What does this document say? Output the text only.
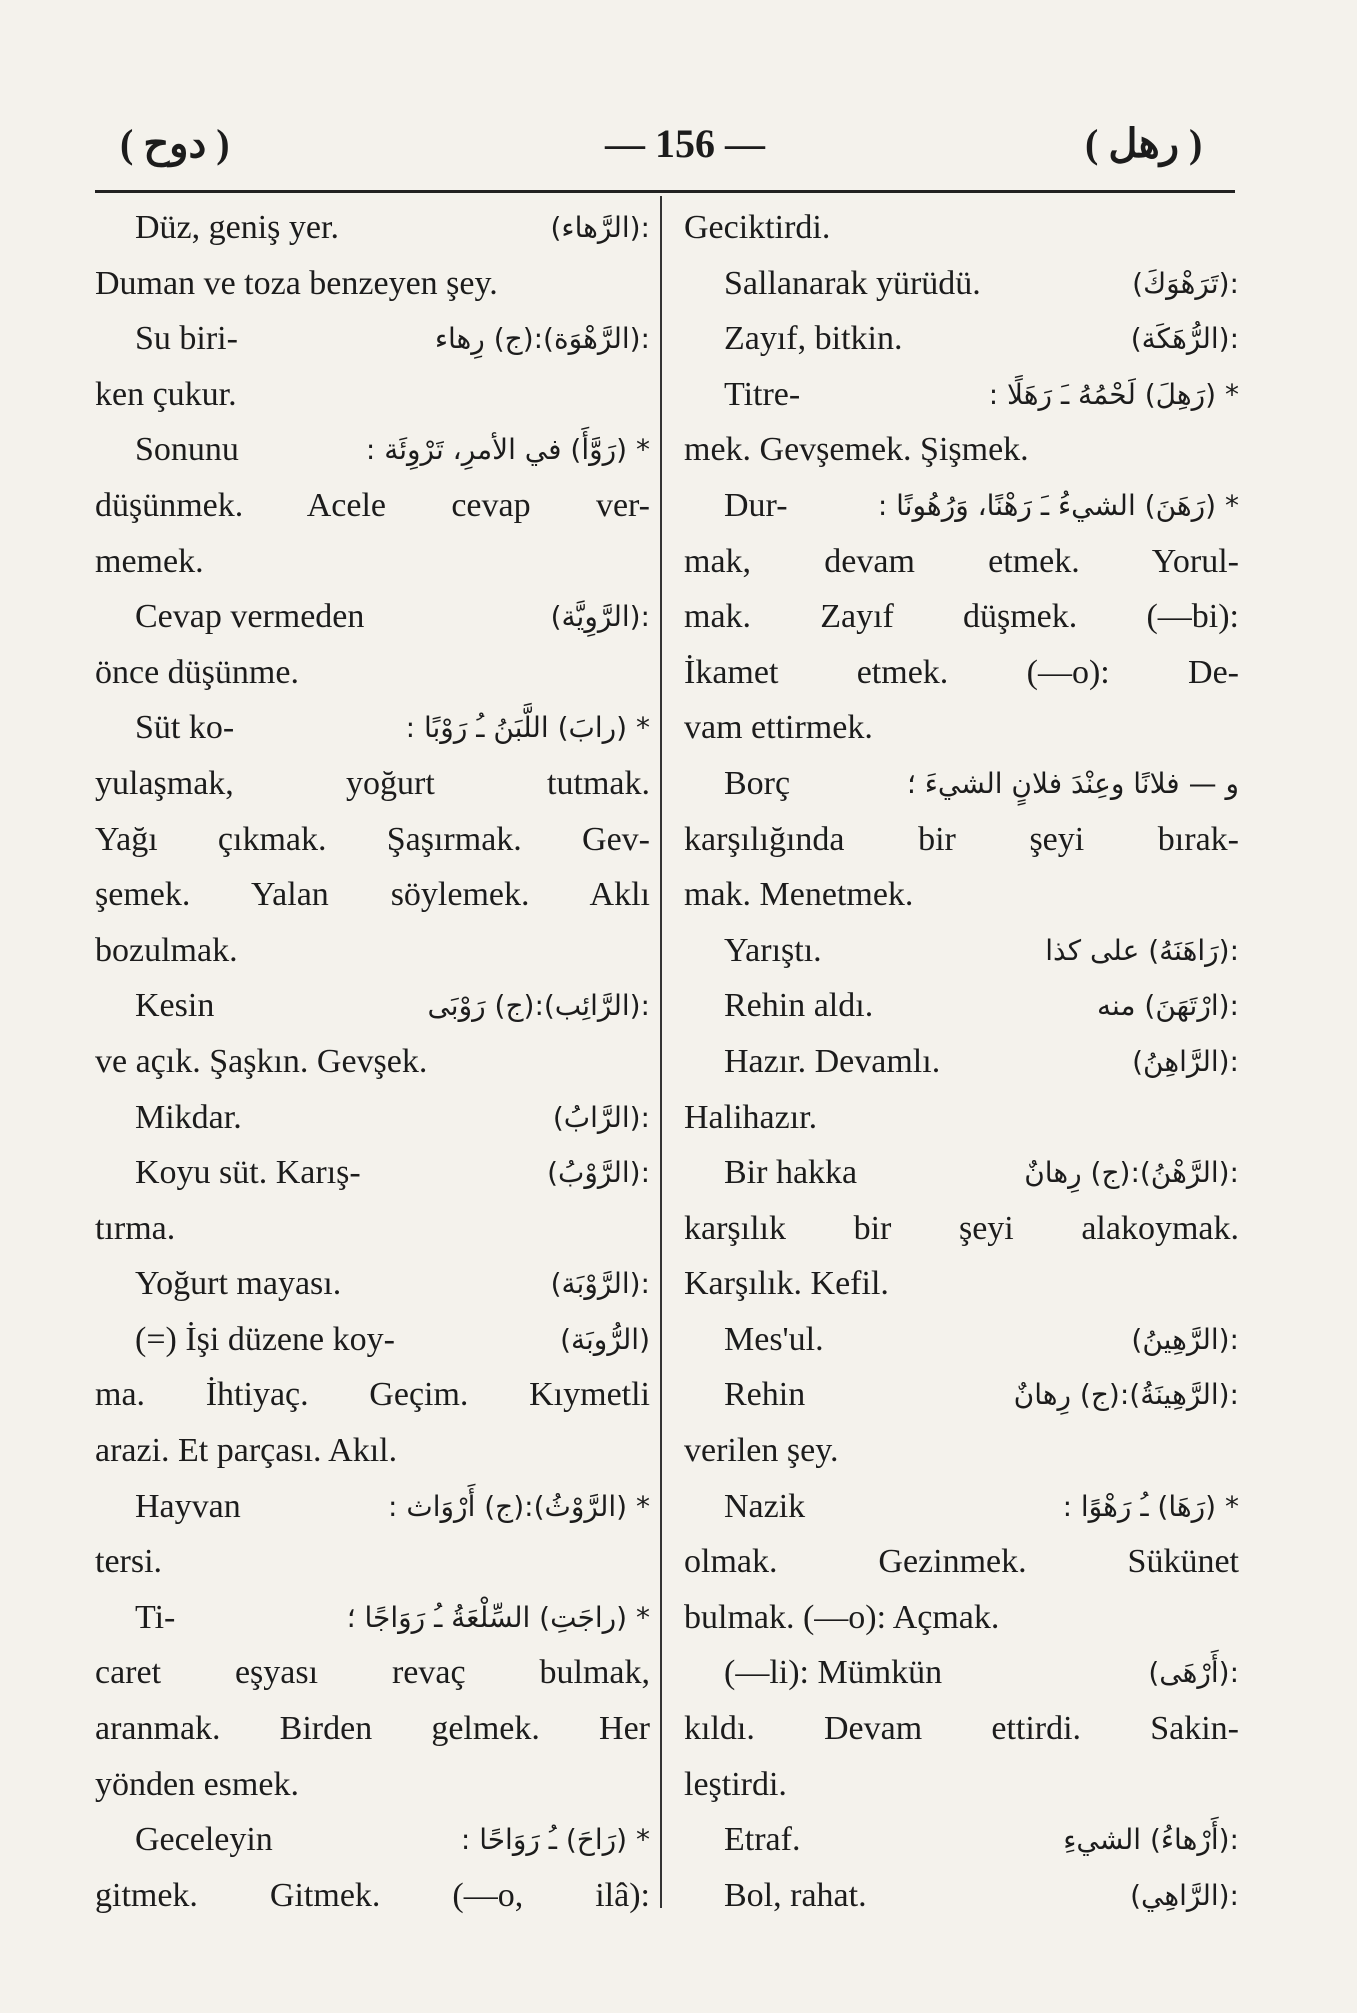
( دوح )	— 156 —	( رهل )
Düz, geniş yer.	:(الرَّهاء)
Duman ve toza benzeyen şey.
Su biri-	:(الرَّهْوَة):(ج) رِهاء
ken çukur.
Sonunu	* (رَوَّأَ) في الأمرِ، تَرْوِئَة :
düşünmek. Acele cevap ver-
memek.
Cevap vermeden	:(الرَّوِيَّة)
önce düşünme.
Süt ko-	* (رابَ) اللَّبَنُ ـُ رَوْبًا :
yulaşmak, yoğurt tutmak.
Yağı çıkmak. Şaşırmak. Gev-
şemek. Yalan söylemek. Aklı
bozulmak.
Kesin	:(الرَّائِب):(ج) رَوْبَى
ve açık. Şaşkın. Gevşek.
Mikdar.	:(الرَّابُ)
Koyu süt. Karış-	:(الرَّوْبُ)
tırma.
Yoğurt mayası.	:(الرَّوْبَة)
(=) İşi düzene koy-	(الرُّوبَة)
ma. İhtiyaç. Geçim. Kıymetli
arazi. Et parçası. Akıl.
Hayvan	* (الرَّوْثُ):(ج) أَرْوَاث :
tersi.
Ti-	* (راجَتِ) السِّلْعَةُ ـُ رَوَاجًا ؛
caret eşyası revaç bulmak,
aranmak. Birden gelmek. Her
yönden esmek.
Geceleyin	* (رَاحَ) ـُ رَوَاحًا :
gitmek. Gitmek. (—o, ilâ):
Geciktirdi.
Sallanarak yürüdü.	:(تَرَهْوَكَ)
Zayıf, bitkin.	:(الرُّهَكَة)
Titre-	* (رَهِلَ) لَحْمُهُ ـَ رَهَلًا :
mek. Gevşemek. Şişmek.
Dur-	* (رَهَنَ) الشيءُ ـَ رَهْنًا، وَرُهُونًا :
mak, devam etmek. Yorul-
mak. Zayıf düşmek. (—bi):
İkamet etmek. (—o): De-
vam ettirmek.
Borç	و — فلانًا وعِنْدَ فلانٍ الشيءَ ؛
karşılığında bir şeyi bırak-
mak. Menetmek.
Yarıştı.	:(رَاهَنَهُ) على كذا
Rehin aldı.	:(ارْتَهَنَ) منه
Hazır. Devamlı.	:(الرَّاهِنُ)
Halihazır.
Bir hakka	:(الرَّهْنُ):(ج) رِهانٌ
karşılık bir şeyi alakoymak.
Karşılık. Kefil.
Mes'ul.	:(الرَّهِينُ)
Rehin	:(الرَّهِينَةُ):(ج) رِهانٌ
verilen şey.
Nazik	* (رَهَا) ـُ رَهْوًا :
olmak. Gezinmek. Sükünet
bulmak. (—o): Açmak.
(—li): Mümkün	:(أَرْهَى)
kıldı. Devam ettirdi. Sakin-
leştirdi.
Etraf.	:(أَرْهاءُ) الشيءِ
Bol, rahat.	:(الرَّاهِي)
